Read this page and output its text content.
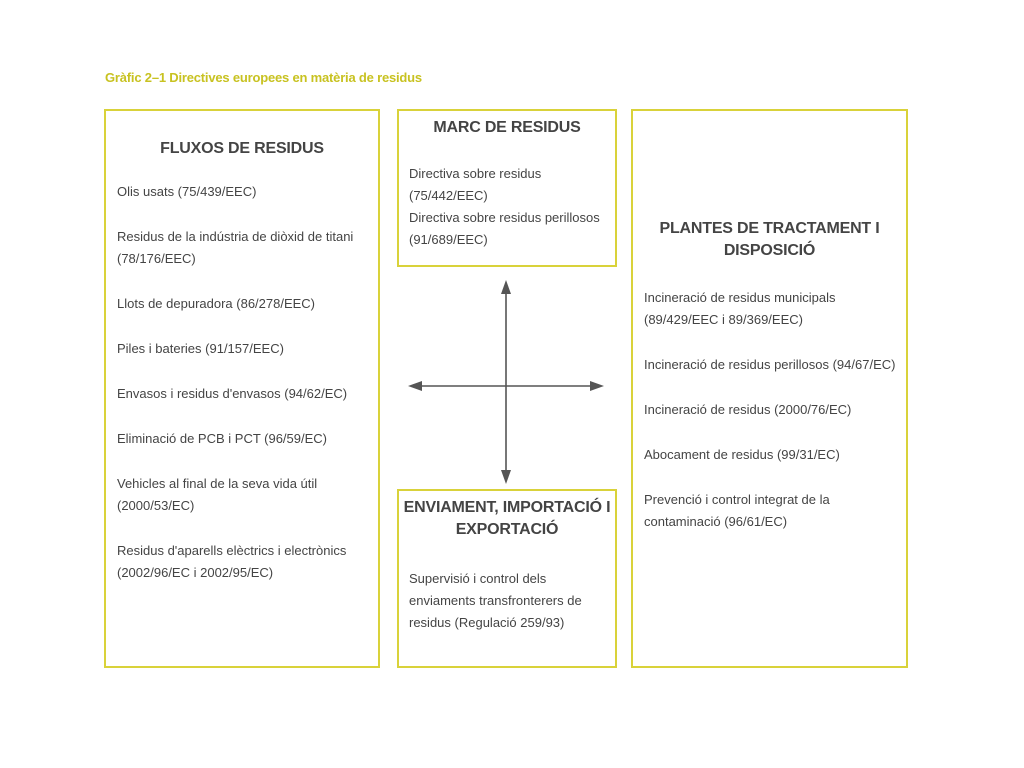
Gràfic 2–1 Directives europees en matèria de residus
FLUXOS DE RESIDUS
Olis usats (75/439/EEC)
Residus de la indústria de diòxid de titani (78/176/EEC)
Llots de depuradora (86/278/EEC)
Piles i bateries (91/157/EEC)
Envasos i residus d'envasos (94/62/EC)
Eliminació de PCB i PCT (96/59/EC)
Vehicles al final de la seva vida útil (2000/53/EC)
Residus d'aparells elèctrics i electrònics (2002/96/EC i 2002/95/EC)
MARC DE RESIDUS
Directiva sobre residus (75/442/EEC)
Directiva sobre residus perillosos (91/689/EEC)
ENVIAMENT, IMPORTACIÓ I EXPORTACIÓ
Supervisió i control dels enviaments transfronterers de residus (Regulació 259/93)
PLANTES DE TRACTAMENT I DISPOSICIÓ
Incineració de residus municipals (89/429/EEC i 89/369/EEC)
Incineració de residus perillosos (94/67/EC)
Incineració de residus (2000/76/EC)
Abocament de residus (99/31/EC)
Prevenció i control integrat de la contaminació (96/61/EC)
